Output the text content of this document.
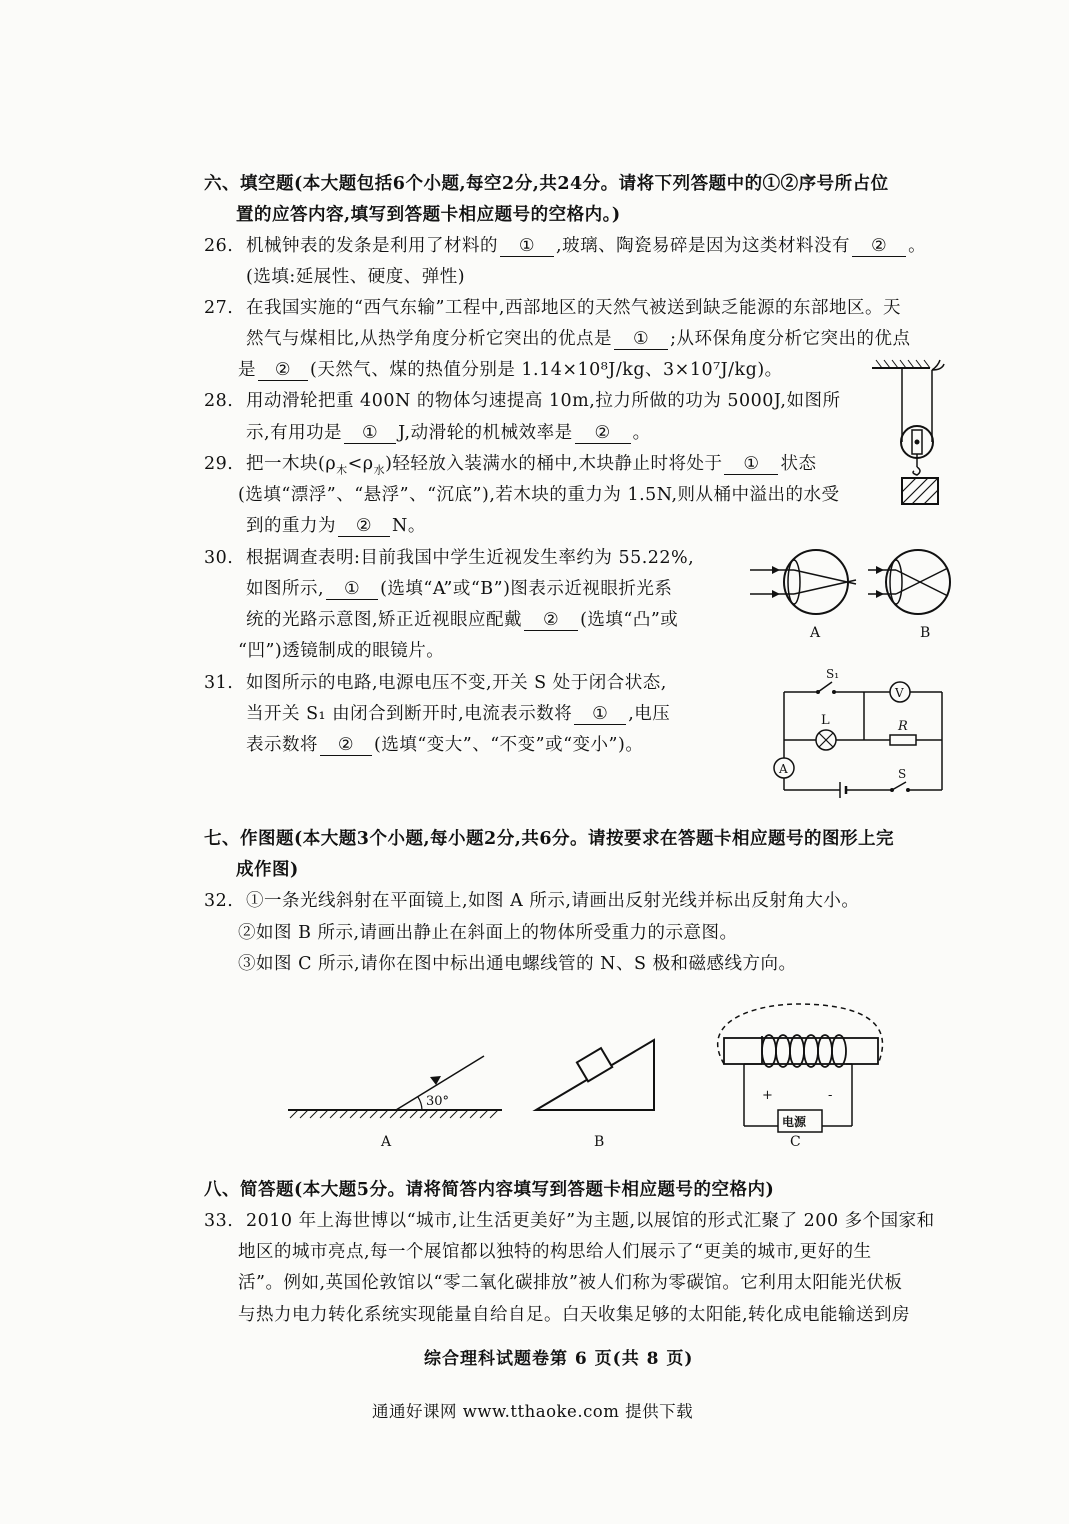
六、填空题(本大题包括6个小题,每空2分,共24分。请将下列答题中的①②序号所占位
置的应答内容,填写到答题卡相应题号的空格内。)
26. 机械钟表的发条是利用了材料的 ① ,玻璃、陶瓷易碎是因为这类材料没有 ② 。
(选填:延展性、硬度、弹性)
27. 在我国实施的“西气东输”工程中,西部地区的天然气被送到缺乏能源的东部地区。天
然气与煤相比,从热学角度分析它突出的优点是 ① ;从环保角度分析它突出的优点
是 ② (天然气、煤的热值分别是 1.14×10⁸J/kg、3×10⁷J/kg)。
28. 用动滑轮把重 400N 的物体匀速提高 10m,拉力所做的功为 5000J,如图所
示,有用功是 ① J,动滑轮的机械效率是 ② 。
29. 把一木块$(\rho_木<\rho_水)$轻轻放入装满水的桶中,木块静止时将处于 ① 状态
(选填“漂浮”、“悬浮”、“沉底”),若木块的重力为 1.5N,则从桶中溢出的水受
到的重力为 ② N。
30. 根据调查表明:目前我国中学生近视发生率约为 55.22%,
如图所示, ① (选填“A”或“B”)图表示近视眼折光系
统的光路示意图,矫正近视眼应配戴 ② (选填“凸”或
“凹”)透镜制成的眼镜片。
A	B
31. 如图所示的电路,电源电压不变,开关 S 处于闭合状态,
当开关 S₁ 由闭合到断开时,电流表示数将 ① ,电压
表示数将 ② (选填“变大”、“不变”或“变小”)。
S₁
V
L	R
A	S
七、作图题(本大题3个小题,每小题2分,共6分。请按要求在答题卡相应题号的图形上完
成作图)
32. ①一条光线斜射在平面镜上,如图 A 所示,请画出反射光线并标出反射角大小。
②如图 B 所示,请画出静止在斜面上的物体所受重力的示意图。
③如图 C 所示,请你在图中标出通电螺线管的 N、S 极和磁感线方向。
30°
A	B
电源
+	-
C
八、简答题(本大题5分。请将简答内容填写到答题卡相应题号的空格内)
33. 2010 年上海世博以“城市,让生活更美好”为主题,以展馆的形式汇聚了 200 多个国家和
地区的城市亮点,每一个展馆都以独特的构思给人们展示了“更美的城市,更好的生
活”。例如,英国伦敦馆以“零二氧化碳排放”被人们称为零碳馆。它利用太阳能光伏板
与热力电力转化系统实现能量自给自足。白天收集足够的太阳能,转化成电能输送到房
综合理科试题卷第 6 页(共 8 页)
通通好课网 www.tthaoke.com 提供下载
